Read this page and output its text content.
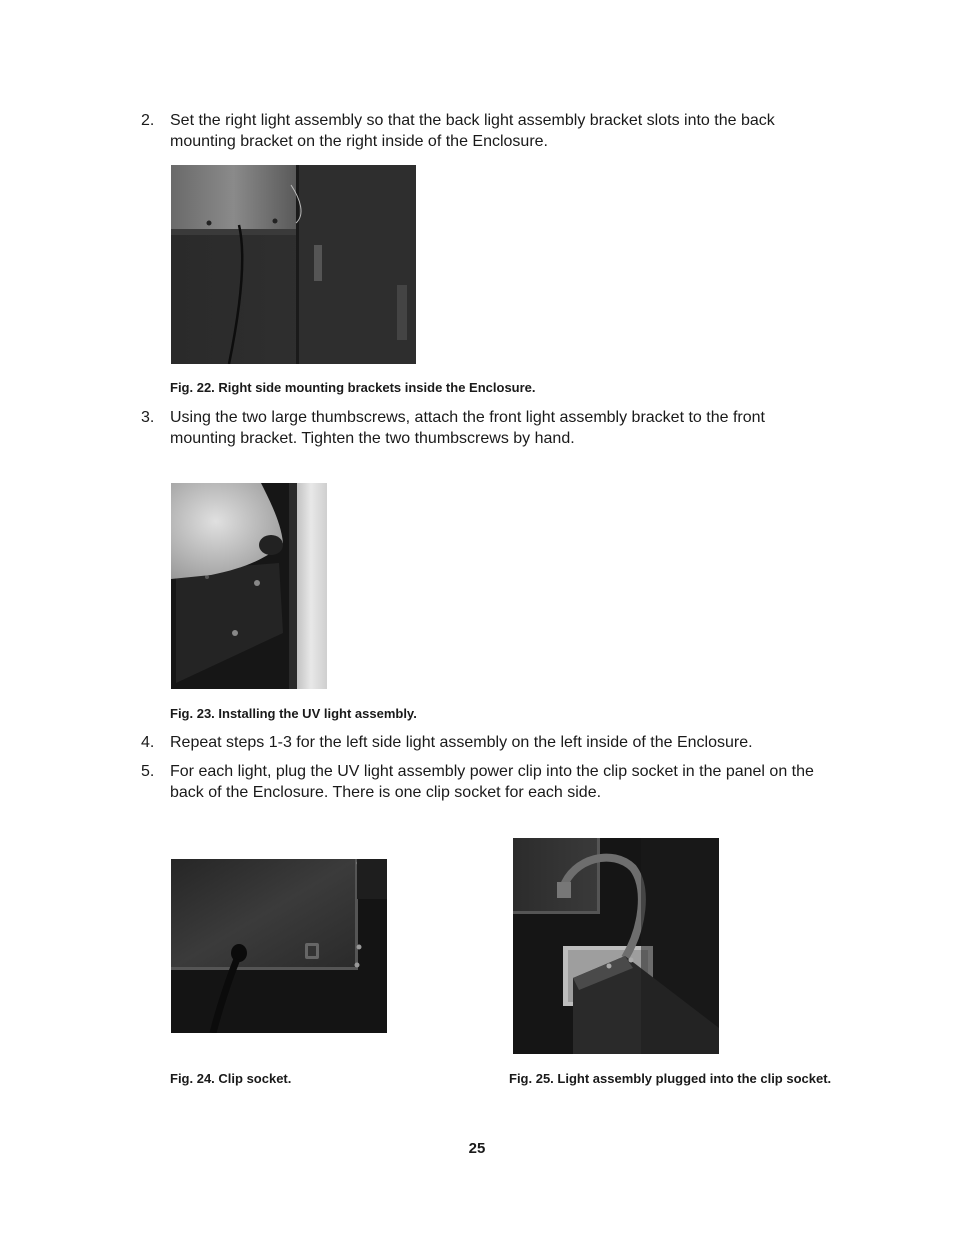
2. Set the right light assembly so that the back light assembly bracket slots into the back mounting bracket on the right inside of the Enclosure.
Fig. 22. Right side mounting brackets inside the Enclosure.
3. Using the two large thumbscrews, attach the front light assembly bracket to the front mounting bracket. Tighten the two thumbscrews by hand.
Fig. 23. Installing the UV light assembly.
4. Repeat steps 1-3 for the left side light assembly on the left inside of the Enclosure.
5. For each light, plug the UV light assembly power clip into the clip socket in the panel on the back of the Enclosure. There is one clip socket for each side.
Fig. 24. Clip socket.	Fig. 25. Light assembly plugged into the clip socket.
25
